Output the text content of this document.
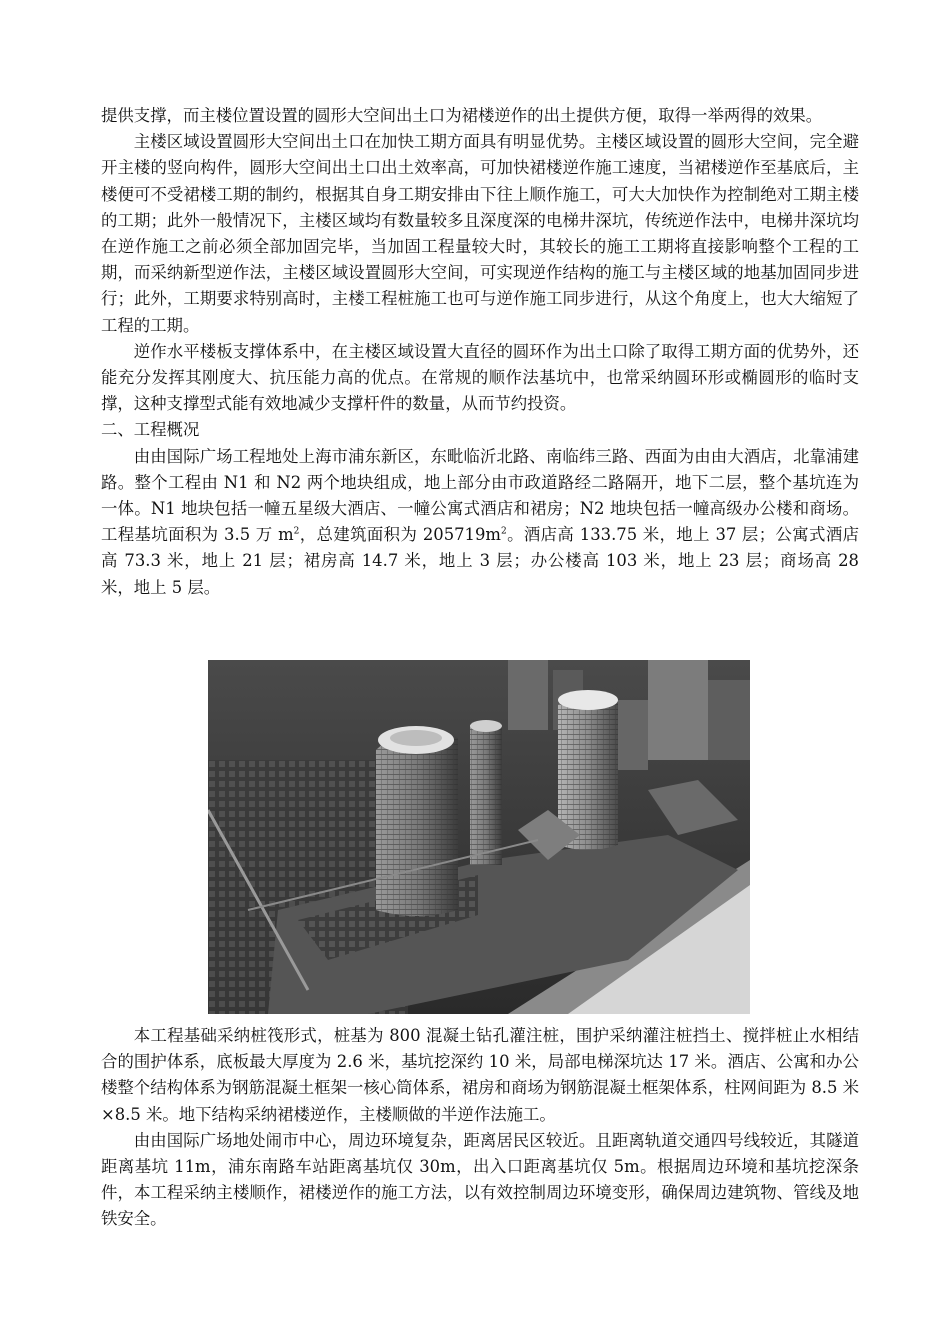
提供支撑，而主楼位置设置的圆形大空间出土口为裙楼逆作的出土提供方便，取得一举两得的效果。

主楼区域设置圆形大空间出土口在加快工期方面具有明显优势。主楼区域设置的圆形大空间，完全避开主楼的竖向构件，圆形大空间出土口出土效率高，可加快裙楼逆作施工速度，当裙楼逆作至基底后，主楼便可不受裙楼工期的制约，根据其自身工期安排由下往上顺作施工，可大大加快作为控制绝对工期主楼的工期；此外一般情况下，主楼区域均有数量较多且深度深的电梯井深坑，传统逆作法中，电梯井深坑均在逆作施工之前必须全部加固完毕，当加固工程量较大时，其较长的施工工期将直接影响整个工程的工期，而采纳新型逆作法，主楼区域设置圆形大空间，可实现逆作结构的施工与主楼区域的地基加固同步进行；此外，工期要求特别高时，主楼工程桩施工也可与逆作施工同步进行，从这个角度上，也大大缩短了工程的工期。

逆作水平楼板支撑体系中，在主楼区域设置大直径的圆环作为出土口除了取得工期方面的优势外，还能充分发挥其刚度大、抗压能力高的优点。在常规的顺作法基坑中，也常采纳圆环形或椭圆形的临时支撑，这种支撑型式能有效地减少支撑杆件的数量，从而节约投资。

二、工程概况

由由国际广场工程地处上海市浦东新区，东毗临沂北路、南临纬三路、西面为由由大酒店，北靠浦建路。整个工程由 N1 和 N2 两个地块组成，地上部分由市政道路经二路隔开，地下二层，整个基坑连为一体。N1 地块包括一幢五星级大酒店、一幢公寓式酒店和裙房；N2 地块包括一幢高级办公楼和商场。工程基坑面积为 3.5 万 $m^2$，总建筑面积为 $205719m^2$。酒店高 133.75 米，地上 37 层；公寓式酒店高 73.3 米，地上 21 层；裙房高 14.7 米，地上 3 层；办公楼高 103 米，地上 23 层；商场高 28 米，地上 5 层。

本工程基础采纳桩筏形式，桩基为 800 混凝土钻孔灌注桩，围护采纳灌注桩挡土、搅拌桩止水相结合的围护体系，底板最大厚度为 2.6 米，基坑挖深约 10 米，局部电梯深坑达 17 米。酒店、公寓和办公楼整个结构体系为钢筋混凝土框架一核心筒体系，裙房和商场为钢筋混凝土框架体系，柱网间距为 8.5 米×8.5 米。地下结构采纳裙楼逆作，主楼顺做的半逆作法施工。

由由国际广场地处闹市中心，周边环境复杂，距离居民区较近。且距离轨道交通四号线较近，其隧道距离基坑 11m，浦东南路车站距离基坑仅 30m，出入口距离基坑仅 5m。根据周边环境和基坑挖深条件，本工程采纳主楼顺作，裙楼逆作的施工方法，以有效控制周边环境变形，确保周边建筑物、管线及地铁安全。
